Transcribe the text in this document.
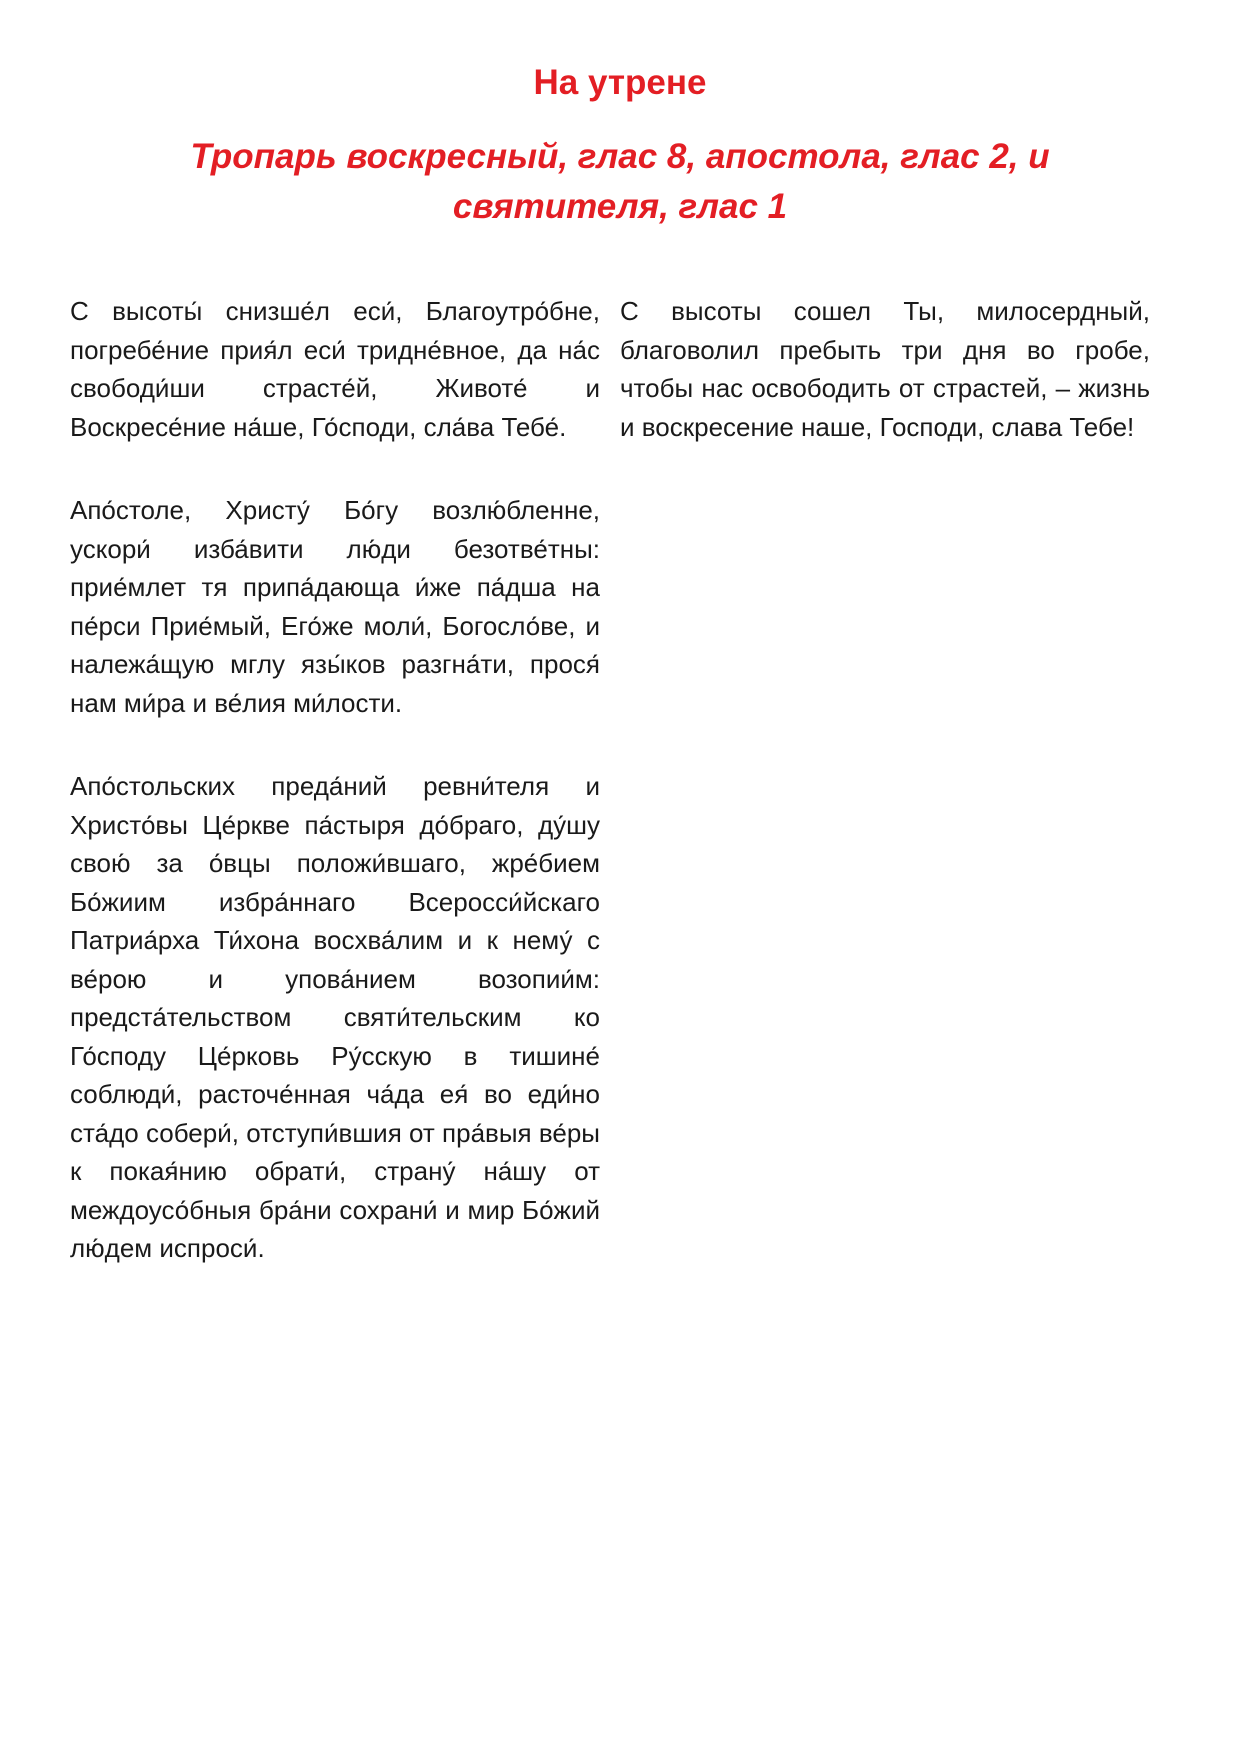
На утрене
Тропарь воскресный, глас 8, апостола, глас 2, и святителя, глас 1

С высоты́ снизше́л еси́, Благоутро́бне, погребе́ние прия́л еси́ тридне́вное, да на́с свободи́ши страсте́й, Животе́ и Воскресе́ние на́ше, Го́споди, сла́ва Тебе́.

Апо́столе, Христу́ Бо́гу возлю́бленне, ускори́ изба́вити лю́ди безотве́тны: прие́млет тя припа́дающа и́же па́дша на пе́рси Прие́мый, Его́же моли́, Богосло́ве, и належа́щую мглу язы́ков разгна́ти, прося́ нам ми́ра и ве́лия ми́лости.

Апо́стольских преда́ний ревни́теля и Христо́вы Це́ркве па́стыря до́браго, ду́шу свою́ за о́вцы положи́вшаго, жре́бием Бо́жиим избра́ннаго Всеросси́йскаго Патриа́рха Ти́хона восхва́лим и к нему́ с ве́рою и упова́нием возопии́м: предста́тельством святи́тельским ко Го́споду Це́рковь Ру́сскую в тишине́ соблюди́, расточе́нная ча́да ея́ во еди́но ста́до собери́, отступи́вшия от пра́выя ве́ры к покая́нию обрати́, страну́ на́шу от междоусо́бныя бра́ни сохрани́ и мир Бо́жий лю́дем испроси́.

С высоты сошел Ты, милосердный, благоволил пребыть три дня во гробе, чтобы нас освободить от страстей, – жизнь и воскресение наше, Господи, слава Тебе!
